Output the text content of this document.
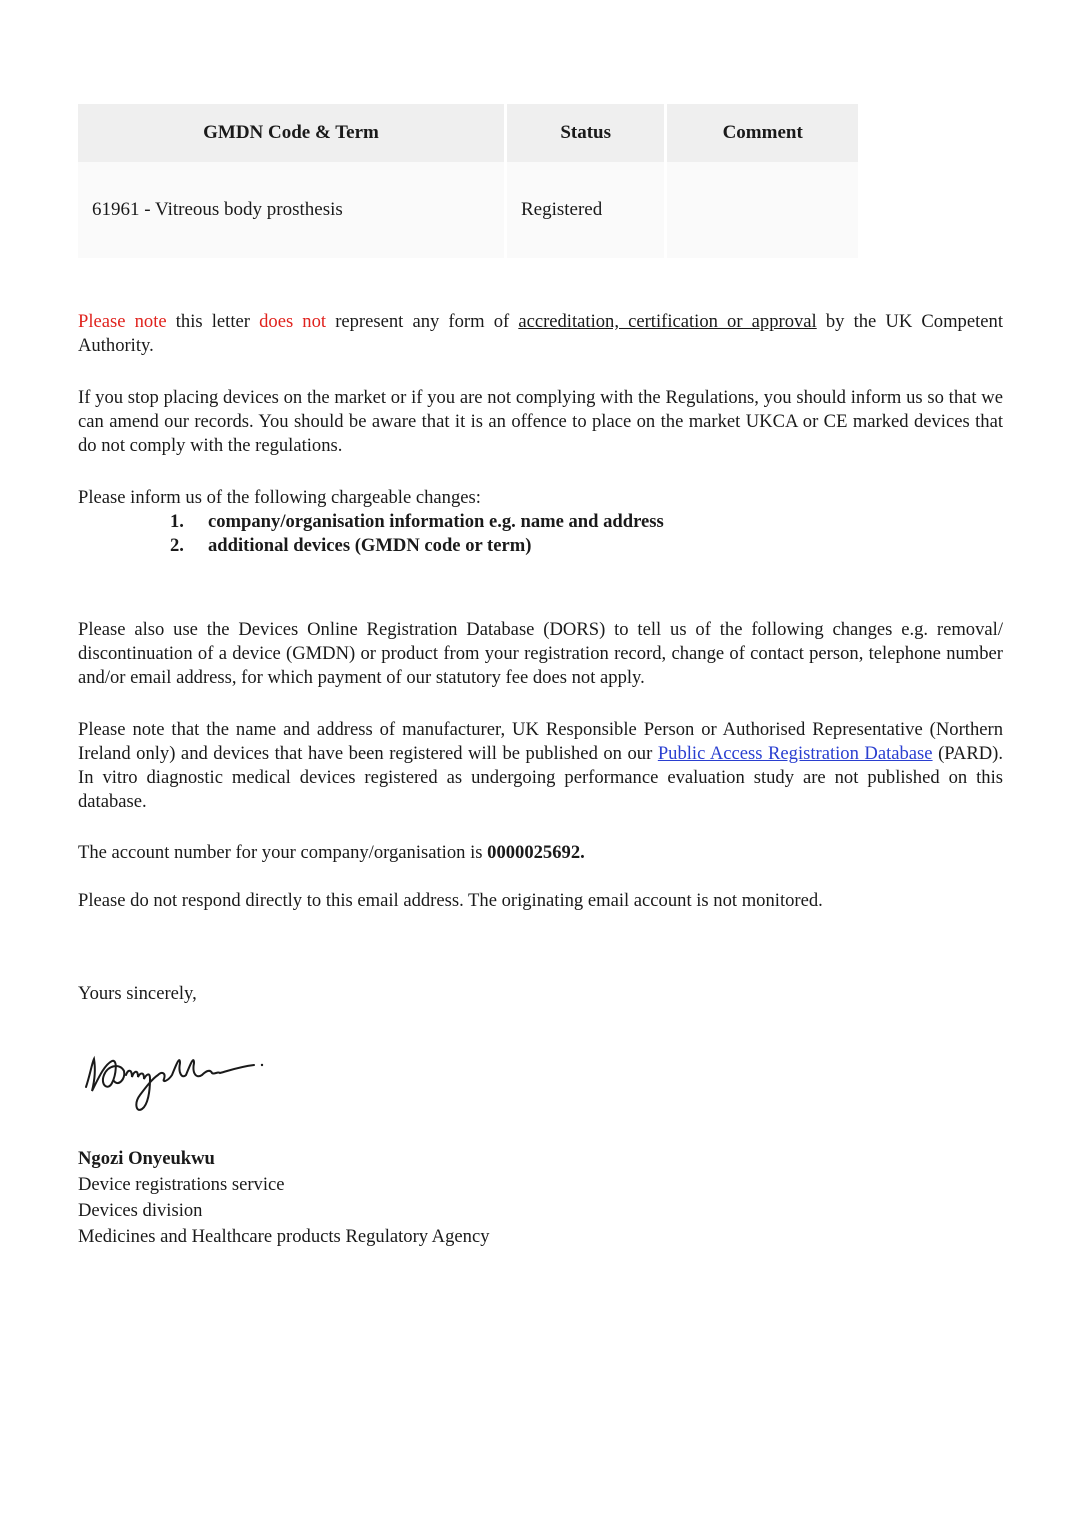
GMDN Code & Term	Status	Comment
61961 - Vitreous body prosthesis	Registered	

Please note this letter does not represent any form of accreditation, certification or approval by the UK Competent Authority.

If you stop placing devices on the market or if you are not complying with the Regulations, you should inform us so that we can amend our records. You should be aware that it is an offence to place on the market UKCA or CE marked devices that do not comply with the regulations.

Please inform us of the following chargeable changes:

1.	company/organisation information e.g. name and address
2.	additional devices (GMDN code or term)

Please also use the Devices Online Registration Database (DORS) to tell us of the following changes e.g. removal/ discontinuation of a device (GMDN) or product from your registration record, change of contact person, telephone number and/or email address, for which payment of our statutory fee does not apply.

Please note that the name and address of manufacturer, UK Responsible Person or Authorised Representative (Northern Ireland only) and devices that have been registered will be published on our Public Access Registration Database (PARD). In vitro diagnostic medical devices registered as undergoing performance evaluation study are not published on this database.

The account number for your company/organisation is 0000025692.

Please do not respond directly to this email address. The originating email account is not monitored.

Yours sincerely,

Ngozi Onyeukwu
Device registrations service
Devices division
Medicines and Healthcare products Regulatory Agency
